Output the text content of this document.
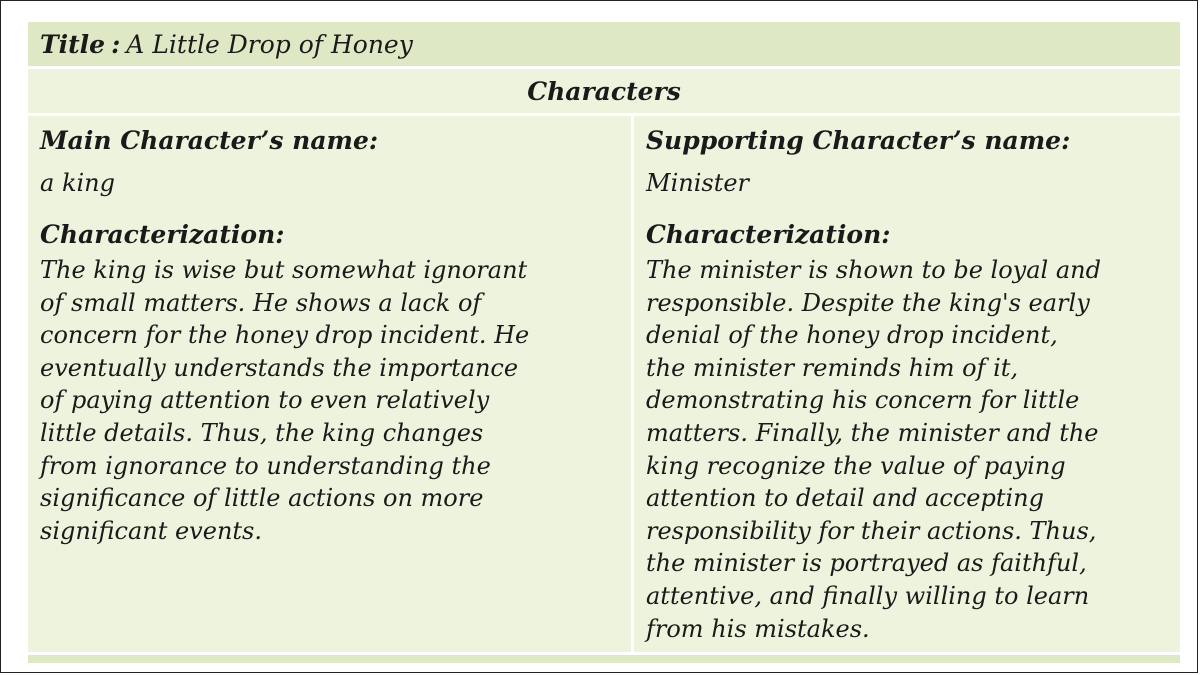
Title : A Little Drop of Honey
Characters
Main Character’s name:
a king
Characterization:
The king is wise but somewhat ignorant
of small matters. He shows a lack of
concern for the honey drop incident. He
eventually understands the importance
of paying attention to even relatively
little details. Thus, the king changes
from ignorance to understanding the
significance of little actions on more
significant events.
Supporting Character’s name:
Minister
Characterization:
The minister is shown to be loyal and
responsible. Despite the king's early
denial of the honey drop incident,
the minister reminds him of it,
demonstrating his concern for little
matters. Finally, the minister and the
king recognize the value of paying
attention to detail and accepting
responsibility for their actions. Thus,
the minister is portrayed as faithful,
attentive, and finally willing to learn
from his mistakes.
